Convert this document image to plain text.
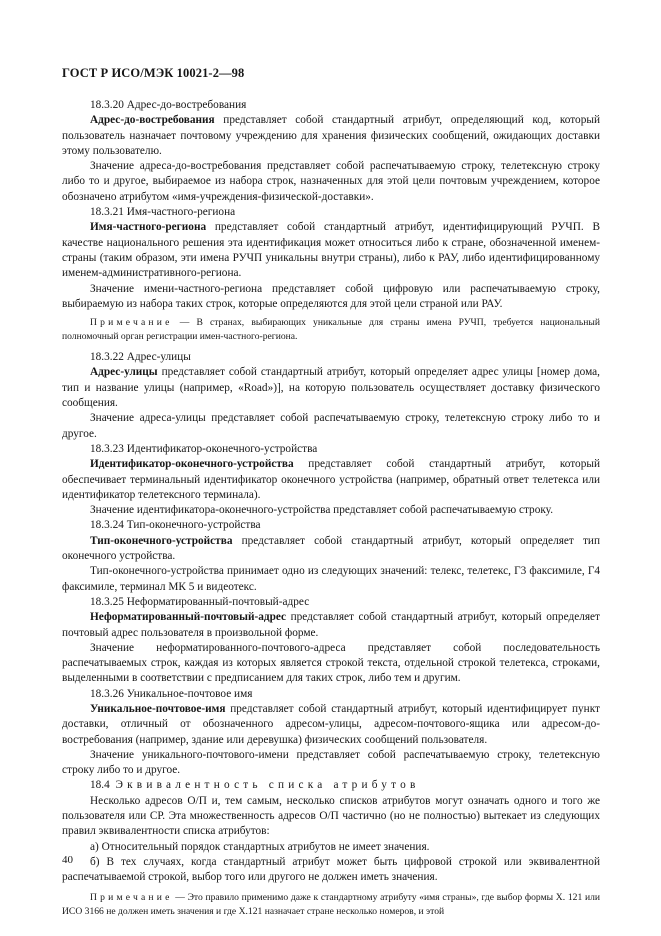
ГОСТ Р ИСО/МЭК 10021-2—98

18.3.20 Адрес-до-востребования

Адрес-до-востребования представляет собой стандартный атрибут, определяющий код, который пользователь назначает почтовому учреждению для хранения физических сообщений, ожидающих доставки этому пользователю.

Значение адреса-до-востребования представляет собой распечатываемую строку, телетексную строку либо то и другое, выбираемое из набора строк, назначенных для этой цели почтовым учреждением, которое обозначено атрибутом «имя-учреждения-физической-доставки».

18.3.21 Имя-частного-региона

Имя-частного-региона представляет собой стандартный атрибут, идентифицирующий РУЧП. В качестве национального решения эта идентификация может относиться либо к стране, обозначенной именем-страны (таким образом, эти имена РУЧП уникальны внутри страны), либо к РАУ, либо идентифицированному именем-административного-региона.

Значение имени-частного-региона представляет собой цифровую или распечатываемую строку, выбираемую из набора таких строк, которые определяются для этой цели страной или РАУ.

Примечание — В странах, выбирающих уникальные для страны имена РУЧП, требуется национальный полномочный орган регистрации имен-частного-региона.

18.3.22 Адрес-улицы

Адрес-улицы представляет собой стандартный атрибут, который определяет адрес улицы [номер дома, тип и название улицы (например, «Road»)], на которую пользователь осуществляет доставку физического сообщения.

Значение адреса-улицы представляет собой распечатываемую строку, телетексную строку либо то и другое.

18.3.23 Идентификатор-оконечного-устройства

Идентификатор-оконечного-устройства представляет собой стандартный атрибут, который обеспечивает терминальный идентификатор оконечного устройства (например, обратный ответ телетекса или идентификатор телетексного терминала).

Значение идентификатора-оконечного-устройства представляет собой распечатываемую строку.

18.3.24 Тип-оконечного-устройства

Тип-оконечного-устройства представляет собой стандартный атрибут, который определяет тип оконечного устройства.

Тип-оконечного-устройства принимает одно из следующих значений: телекс, телетекс, Г3 факсимиле, Г4 факсимиле, терминал МК 5 и видеотекс.

18.3.25 Неформатированный-почтовый-адрес

Неформатированный-почтовый-адрес представляет собой стандартный атрибут, который определяет почтовый адрес пользователя в произвольной форме.

Значение неформатированного-почтового-адреса представляет собой последовательность распечатываемых строк, каждая из которых является строкой текста, отдельной строкой телетекса, строками, выделенными в соответствии с предписанием для таких строк, либо тем и другим.

18.3.26 Уникальное-почтовое имя

Уникальное-почтовое-имя представляет собой стандартный атрибут, который идентифицирует пункт доставки, отличный от обозначенного адресом-улицы, адресом-почтового-ящика или адресом-до-востребования (например, здание или деревушка) физических сообщений пользователя.

Значение уникального-почтового-имени представляет собой распечатываемую строку, телетексную строку либо то и другое.

18.4 Эквивалентность списка атрибутов

Несколько адресов О/П и, тем самым, несколько списков атрибутов могут означать одного и того же пользователя или СР. Эта множественность адресов О/П частично (но не полностью) вытекает из следующих правил эквивалентности списка атрибутов:

а) Относительный порядок стандартных атрибутов не имеет значения.

б) В тех случаях, когда стандартный атрибут может быть цифровой строкой или эквивалентной распечатываемой строкой, выбор того или другого не должен иметь значения.

Примечание — Это правило применимо даже к стандартному атрибуту «имя страны», где выбор формы X. 121 или ИСО 3166 не должен иметь значения и где X.121 назначает стране несколько номеров, и этой

40
